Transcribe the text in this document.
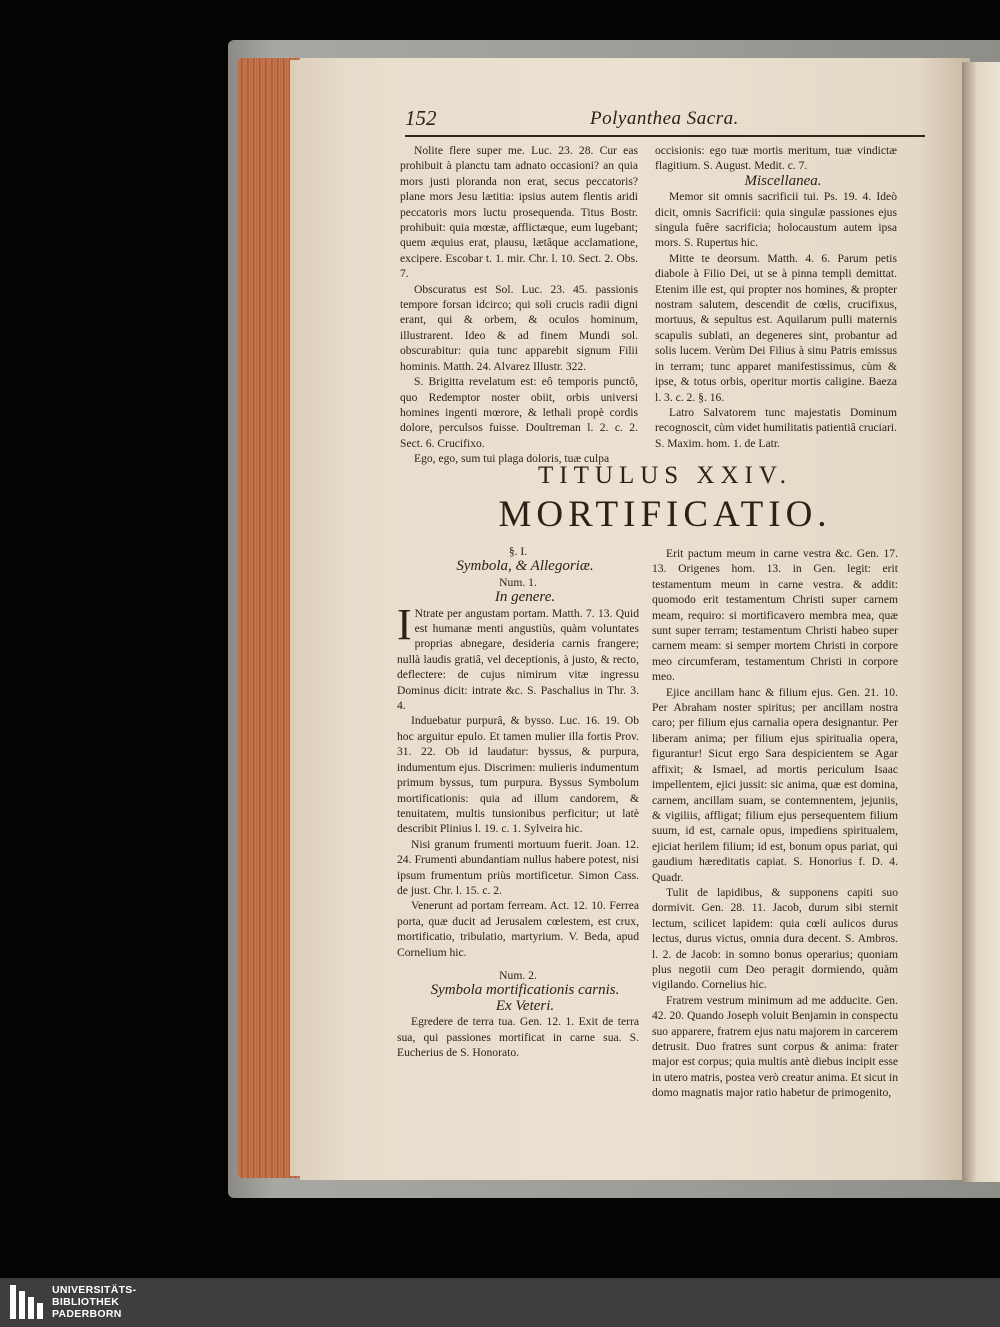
152	Polyanthea Sacra.

Nolite flere super me. Luc. 23. 28. Cur eas prohibuit à planctu tam adnato occasioni? an quia mors justi ploranda non erat, secus peccatoris? plane mors Jesu lætitia: ipsius autem flentis aridi peccatoris mors luctu prosequenda. Titus Bostr. prohibuit: quia mœstæ, afflictæque, eum lugebant; quem æquius erat, plausu, lætâque acclamatione, excipere. Escobar t. 1. mir. Chr. l. 10. Sect. 2. Obs. 7.

Obscuratus est Sol. Luc. 23. 45. passionis tempore forsan idcirco; qui soli crucis radii digni erant, qui & orbem, & oculos hominum, illustrarent. Ideo & ad finem Mundi sol. obscurabitur: quia tunc apparebit signum Filii hominis. Matth. 24. Alvarez Illustr. 322.

S. Brigitta revelatum est: eô temporis punctô, quo Redemptor noster obiit, orbis universi homines ingenti mœrore, & lethali propè cordis dolore, perculsos fuisse. Doultreman l. 2. c. 2. Sect. 6. Crucifixo.

Ego, ego, sum tui plaga doloris, tuæ culpa

occisionis: ego tuæ mortis meritum, tuæ vindictæ flagitium. S. August. Medit. c. 7.

Miscellanea.

Memor sit omnis sacrificii tui. Ps. 19. 4. Ideò dicit, omnis Sacrificii: quia singulæ passiones ejus singula fuêre sacrificia; holocaustum autem ipsa mors. S. Rupertus hic.

Mitte te deorsum. Matth. 4. 6. Parum petis diabole à Filio Dei, ut se à pinna templi demittat. Etenim ille est, qui propter nos homines, & propter nostram salutem, descendit de cœlis, crucifixus, mortuus, & sepultus est. Aquilarum pulli maternis scapulis sublati, an degeneres sint, probantur ad solis lucem. Verùm Dei Filius à sinu Patris emissus in terram; tunc apparet manifestissimus, cùm & ipse, & totus orbis, operitur mortis caligine. Baeza l. 3. c. 2. §. 16.

Latro Salvatorem tunc majestatis Dominum recognoscit, cùm videt humilitatis patientiâ cruciari. S. Maxim. hom. 1. de Latr.

TITULUS XXIV.
MORTIFICATIO.

§. I.

Symbola, & Allegoriæ.

Num. 1.

In genere.

I Ntrate per angustam portam. Matth. 7. 13. Quid est humanæ menti angustiùs, quàm voluntates proprias abnegare, desideria carnis frangere; nullà laudis gratiâ, vel deceptionis, à justo, & recto, deflectere: de cujus nimirum vitæ ingressu Dominus dicit: intrate &c. S. Paschalius in Thr. 3. 4.

Induebatur purpurâ, & bysso. Luc. 16. 19. Ob hoc arguitur epulo. Et tamen mulier illa fortis Prov. 31. 22. Ob id laudatur: byssus, & purpura, indumentum ejus. Discrimen: mulieris indumentum primum byssus, tum purpura. Byssus Symbolum mortificationis: quia ad illum candorem, & tenuitatem, multis tunsionibus perficitur; ut latè describit Plinius l. 19. c. 1. Sylveira hic.

Nisi granum frumenti mortuum fuerit. Joan. 12. 24. Frumenti abundantiam nullus habere potest, nisi ipsum frumentum priùs mortificetur. Simon Cass. de just. Chr. l. 15. c. 2.

Venerunt ad portam ferream. Act. 12. 10. Ferrea porta, quæ ducit ad Jerusalem cœlestem, est crux, mortificatio, tribulatio, martyrium. V. Beda, apud Cornelium hic.

Num. 2.

Symbola mortificationis carnis.

Ex Veteri.

Egredere de terra tua. Gen. 12. 1. Exit de terra sua, qui passiones mortificat in carne sua. S. Eucherius de S. Honorato.

Erit pactum meum in carne vestra &c. Gen. 17. 13. Origenes hom. 13. in Gen. legit: erit testamentum meum in carne vestra. & addit: quomodo erit testamentum Christi super carnem meam, requiro: si mortificavero membra mea, quæ sunt super terram; testamentum Christi habeo super carnem meam: si semper mortem Christi in corpore meo circumferam, testamentum Christi in corpore meo.

Ejice ancillam hanc & filium ejus. Gen. 21. 10. Per Abraham noster spiritus; per ancillam nostra caro; per filium ejus carnalia opera designantur. Per liberam anima; per filium ejus spiritualia opera, figurantur! Sicut ergo Sara despicientem se Agar affixit; & Ismael, ad mortis periculum Isaac impellentem, ejici jussit: sic anima, quæ est domina, carnem, ancillam suam, se contemnentem, jejuniis, & vigiliis, affligat; filium ejus persequentem filium suum, id est, carnale opus, impediens spiritualem, ejiciat herilem filium; id est, bonum opus pariat, qui gaudium hæreditatis capiat. S. Honorius f. D. 4. Quadr.

Tulit de lapidibus, & supponens capiti suo dormivit. Gen. 28. 11. Jacob, durum sibi sternit lectum, scilicet lapidem: quia cœli aulicos durus lectus, durus victus, omnia dura decent. S. Ambros. l. 2. de Jacob: in somno bonus operarius; quoniam plus negotii cum Deo peragit dormiendo, quàm vigilando. Cornelius hic.

Fratrem vestrum minimum ad me adducite. Gen. 42. 20. Quando Joseph voluit Benjamin in conspectu suo apparere, fratrem ejus natu majorem in carcerem detrusit. Duo fratres sunt corpus & anima: frater major est corpus; quia multis antè diebus incipit esse in utero matris, postea verò creatur anima. Et sicut in domo magnatis major ratio habetur de primogenito,

UNIVERSITÄTS-
BIBLIOTHEK
PADERBORN
